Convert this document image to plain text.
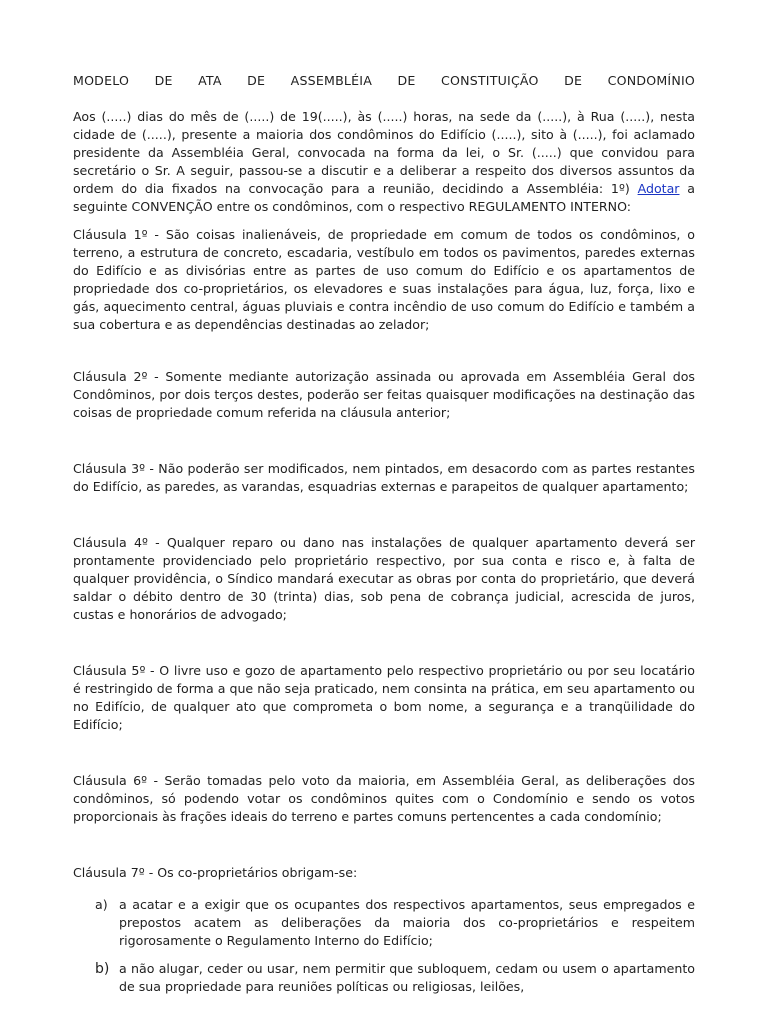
MODELO DE ATA DE ASSEMBLÉIA DE CONSTITUIÇÃO DE CONDOMÍNIO

Aos (.....) dias do mês de (.....) de 19(.....), às (.....) horas, na sede da (.....), à Rua (.....), nesta cidade de (.....), presente a maioria dos condôminos do Edifício (.....), sito à (.....), foi aclamado presidente da Assembléia Geral, convocada na forma da lei, o Sr. (.....) que convidou para secretário o Sr. A seguir, passou-se a discutir e a deliberar a respeito dos diversos assuntos da ordem do dia fixados na convocação para a reunião, decidindo a Assembléia: 1º) Adotar a seguinte CONVENÇÃO entre os condôminos, com o respectivo REGULAMENTO INTERNO:

Cláusula 1º - São coisas inalienáveis, de propriedade em comum de todos os condôminos, o terreno, a estrutura de concreto, escadaria, vestíbulo em todos os pavimentos, paredes externas do Edifício e as divisórias entre as partes de uso comum do Edifício e os apartamentos de propriedade dos co-proprietários, os elevadores e suas instalações para água, luz, força, lixo e gás, aquecimento central, águas pluviais e contra incêndio de uso comum do Edifício e também a sua cobertura e as dependências destinadas ao zelador;

Cláusula 2º - Somente mediante autorização assinada ou aprovada em Assembléia Geral dos Condôminos, por dois terços destes, poderão ser feitas quaisquer modificações na destinação das coisas de propriedade comum referida na cláusula anterior;

Cláusula 3º - Não poderão ser modificados, nem pintados, em desacordo com as partes restantes do Edifício, as paredes, as varandas, esquadrias externas e parapeitos de qualquer apartamento;

Cláusula 4º - Qualquer reparo ou dano nas instalações de qualquer apartamento deverá ser prontamente providenciado pelo proprietário respectivo, por sua conta e risco e, à falta de qualquer providência, o Síndico mandará executar as obras por conta do proprietário, que deverá saldar o débito dentro de 30 (trinta) dias, sob pena de cobrança judicial, acrescida de juros, custas e honorários de advogado;

Cláusula 5º - O livre uso e gozo de apartamento pelo respectivo proprietário ou por seu locatário é restringido de forma a que não seja praticado, nem consinta na prática, em seu apartamento ou no Edifício, de qualquer ato que comprometa o bom nome, a segurança e a tranqüilidade do Edifício;

Cláusula 6º - Serão tomadas pelo voto da maioria, em Assembléia Geral, as deliberações dos condôminos, só podendo votar os condôminos quites com o Condomínio e sendo os votos proporcionais às frações ideais do terreno e partes comuns pertencentes a cada condomínio;

Cláusula 7º - Os co-proprietários obrigam-se:

a) a acatar e a exigir que os ocupantes dos respectivos apartamentos, seus empregados e prepostos acatem as deliberações da maioria dos co-proprietários e respeitem rigorosamente o Regulamento Interno do Edifício;
b) a não alugar, ceder ou usar, nem permitir que subloquem, cedam ou usem o apartamento de sua propriedade para reuniões políticas ou religiosas, leilões,
